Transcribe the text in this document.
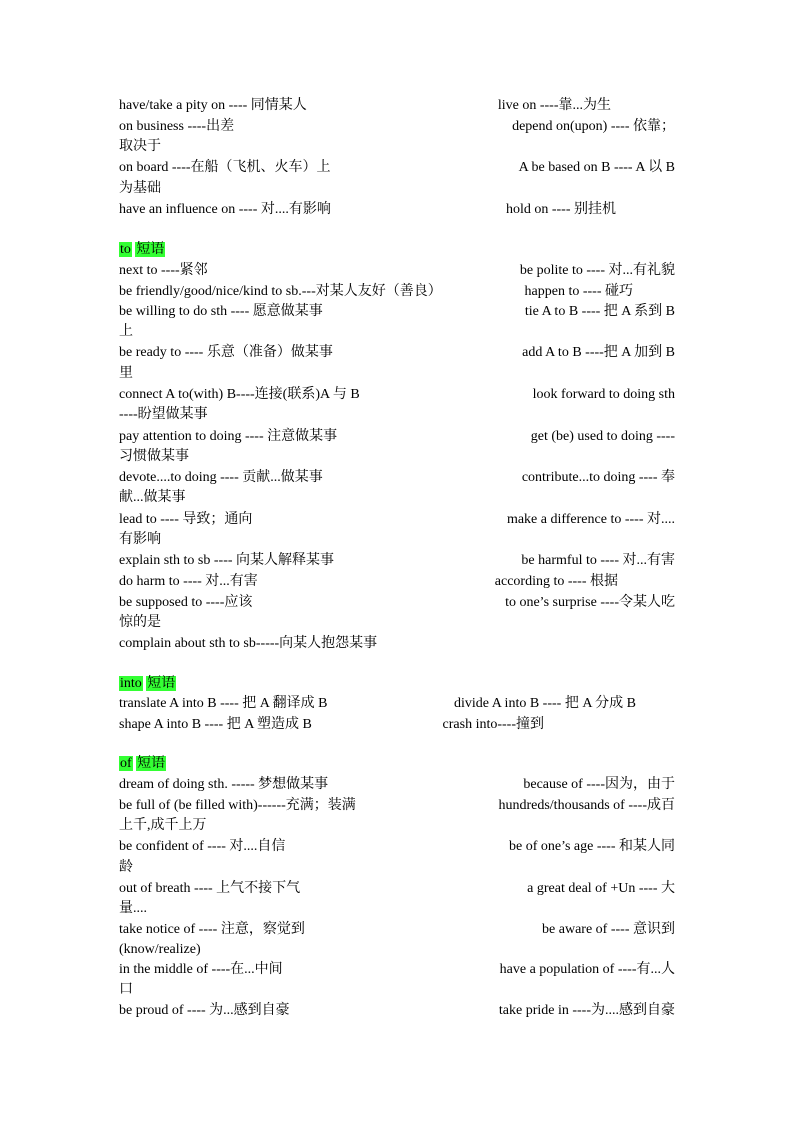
have/take a pity on ---- 同情某人	live on ----靠...为生
on business ----出差	depend on(upon) ---- 依靠；
取决于
on board ----在船（飞机、火车）上	A be based on B ---- A 以 B
为基础
have an influence on ---- 对....有影响	hold on ---- 别挂机
to 短语
next to ----紧邻	be polite to ---- 对...有礼貌
be friendly/good/nice/kind to sb.---对某人友好（善良）	happen to ---- 碰巧
be willing to do sth ---- 愿意做某事	tie A to B ---- 把 A 系到 B
上
be ready to ---- 乐意（准备）做某事	add A to B ----把 A 加到 B
里
connect A to(with) B----连接(联系)A 与 B	look forward to doing sth
----盼望做某事
pay attention to doing ---- 注意做某事	get (be) used to doing ----
习惯做某事
devote....to doing ---- 贡献...做某事	contribute...to doing ---- 奉
献...做某事
lead to ---- 导致；通向	make a difference to ---- 对....
有影响
explain sth to sb ---- 向某人解释某事	be harmful to ---- 对...有害
do harm to ---- 对...有害	according to ---- 根据
be supposed to ----应该	to one’s surprise ----令某人吃
惊的是
complain about sth to sb-----向某人抱怨某事
into 短语
translate A into B ---- 把 A 翻译成 B	divide A into B ---- 把 A 分成 B
shape A into B ---- 把 A 塑造成 B	crash into----撞到
of 短语
dream of doing sth. ----- 梦想做某事	because of ----因为，由于
be full of (be filled with)------充满；装满	hundreds/thousands of ----成百
上千,成千上万
be confident of ---- 对....自信	be of one’s age ---- 和某人同
龄
out of breath ---- 上气不接下气	a great deal of +Un ---- 大
量....
take notice of ---- 注意，察觉到	be aware of ---- 意识到
(know/realize)
in the middle of ----在...中间	have a population of ----有...人
口
be proud of ---- 为...感到自豪	take pride in ----为....感到自豪
